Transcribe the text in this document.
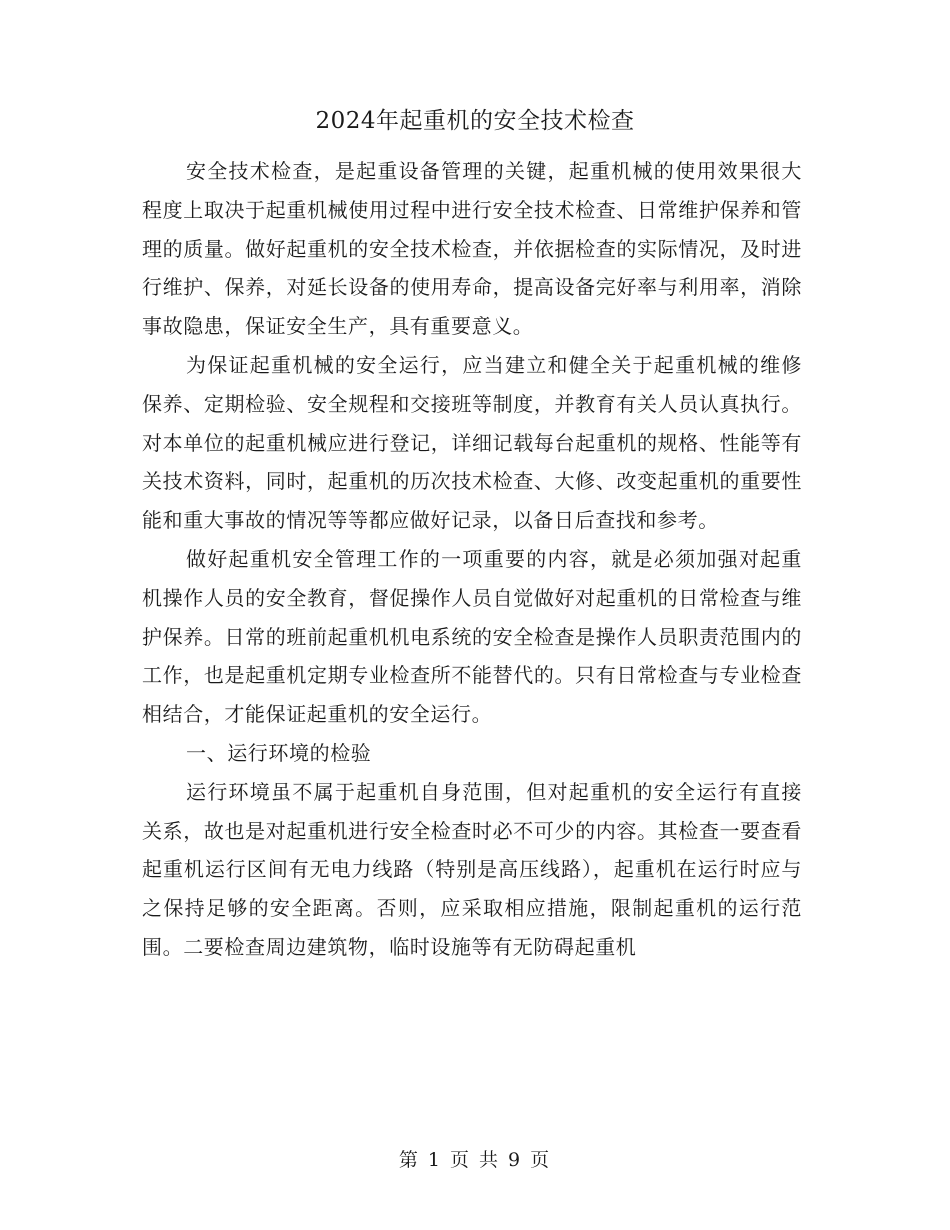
2024年起重机的安全技术检查

安全技术检查，是起重设备管理的关键，起重机械的使用效果很大程度上取决于起重机械使用过程中进行安全技术检查、日常维护保养和管理的质量。做好起重机的安全技术检查，并依据检查的实际情况，及时进行维护、保养，对延长设备的使用寿命，提高设备完好率与利用率，消除事故隐患，保证安全生产，具有重要意义。

为保证起重机械的安全运行，应当建立和健全关于起重机械的维修保养、定期检验、安全规程和交接班等制度，并教育有关人员认真执行。对本单位的起重机械应进行登记，详细记载每台起重机的规格、性能等有关技术资料，同时，起重机的历次技术检查、大修、改变起重机的重要性能和重大事故的情况等等都应做好记录，以备日后查找和参考。

做好起重机安全管理工作的一项重要的内容，就是必须加强对起重机操作人员的安全教育，督促操作人员自觉做好对起重机的日常检查与维护保养。日常的班前起重机机电系统的安全检查是操作人员职责范围内的工作，也是起重机定期专业检查所不能替代的。只有日常检查与专业检查相结合，才能保证起重机的安全运行。

一、运行环境的检验

运行环境虽不属于起重机自身范围，但对起重机的安全运行有直接关系，故也是对起重机进行安全检查时必不可少的内容。其检查一要查看起重机运行区间有无电力线路（特别是高压线路），起重机在运行时应与之保持足够的安全距离。否则，应采取相应措施，限制起重机的运行范围。二要检查周边建筑物，临时设施等有无防碍起重机

第 1 页 共 9 页
